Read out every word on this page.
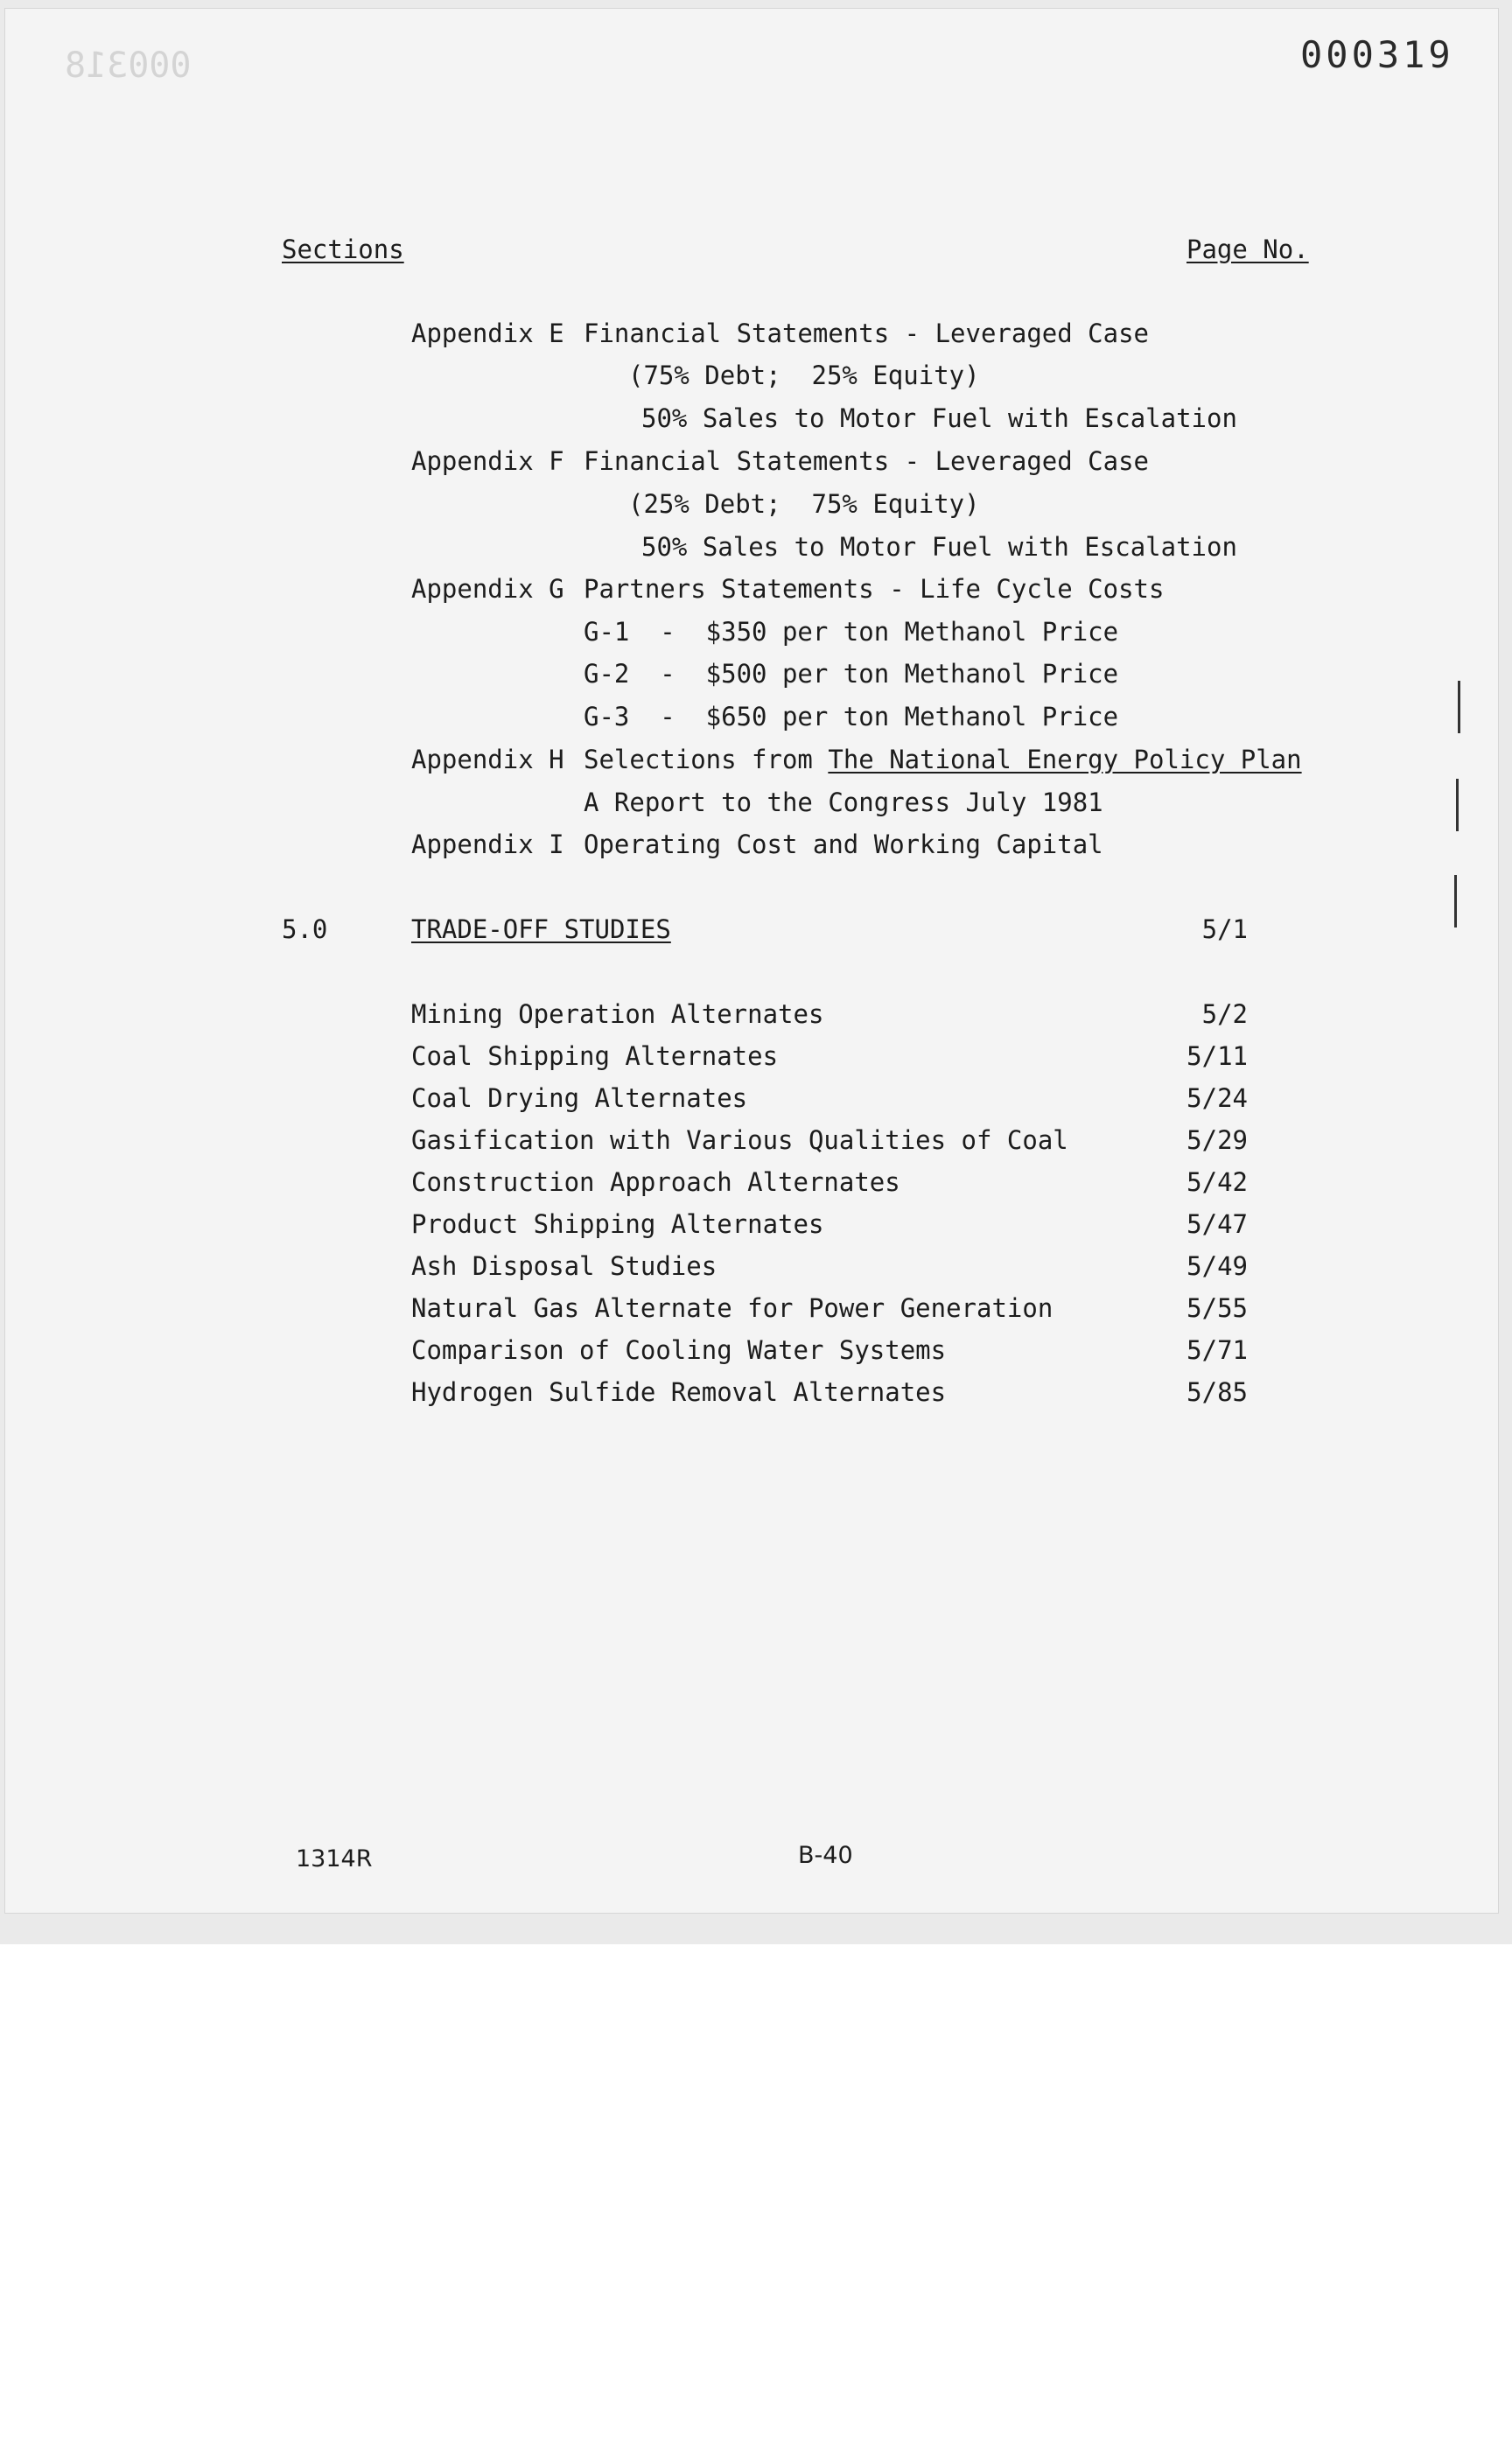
000318	000319
Sections	Page No.
Appendix E Financial Statements - Leveraged Case
(75% Debt;  25% Equity)
50% Sales to Motor Fuel with Escalation
Appendix F Financial Statements - Leveraged Case
(25% Debt;  75% Equity)
50% Sales to Motor Fuel with Escalation
Appendix G Partners Statements - Life Cycle Costs
G-1  -  $350 per ton Methanol Price
G-2  -  $500 per ton Methanol Price
G-3  -  $650 per ton Methanol Price
Appendix H Selections from The National Energy Policy Plan
A Report to the Congress July 1981
Appendix I Operating Cost and Working Capital
5.0	TRADE-OFF STUDIES	5/1
Mining Operation Alternates	5/2
Coal Shipping Alternates	5/11
Coal Drying Alternates	5/24
Gasification with Various Qualities of Coal	5/29
Construction Approach Alternates	5/42
Product Shipping Alternates	5/47
Ash Disposal Studies	5/49
Natural Gas Alternate for Power Generation	5/55
Comparison of Cooling Water Systems	5/71
Hydrogen Sulfide Removal Alternates	5/85
1314R	B-40
